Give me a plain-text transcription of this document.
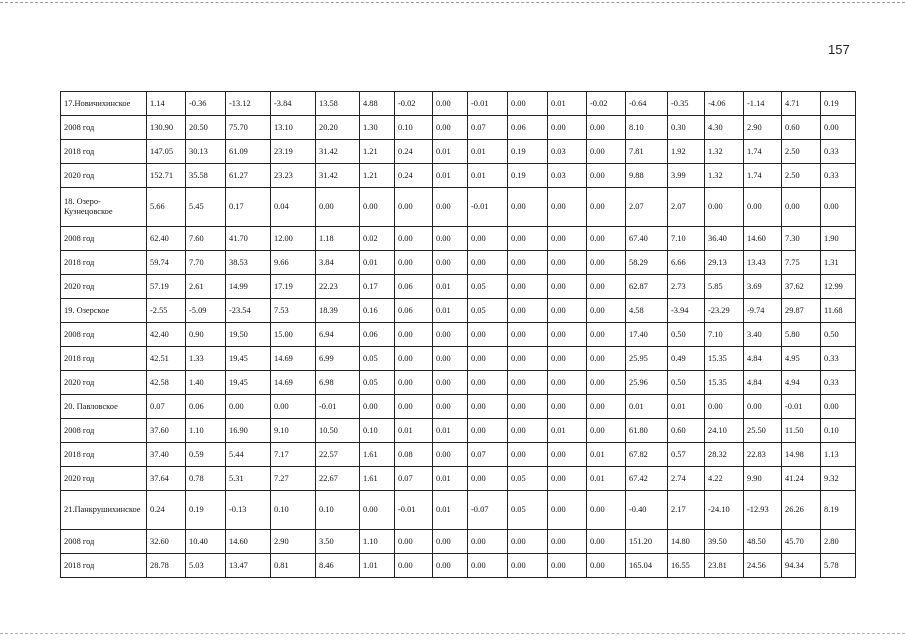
157
17.Новичихинское	1.14	-0.36	-13.12	-3.84	13.58	4.88	-0.02	0.00	-0.01	0.00	0.01	-0.02	-0.64	-0.35	-4.06	-1.14	4.71	0.19
2008 год	130.90	20.50	75.70	13.10	20.20	1.30	0.10	0.00	0.07	0.06	0.00	0.00	8.10	0.30	4.30	2.90	0.60	0.00
2018 год	147.05	30.13	61.09	23.19	31.42	1.21	0.24	0.01	0.01	0.19	0.03	0.00	7.81	1.92	1.32	1.74	2.50	0.33
2020 год	152.71	35.58	61.27	23.23	31.42	1.21	0.24	0.01	0.01	0.19	0.03	0.00	9.88	3.99	1.32	1.74	2.50	0.33
18. Озеро-Кузнецовское	5.66	5.45	0.17	0.04	0.00	0.00	0.00	0.00	-0.01	0.00	0.00	0.00	2.07	2.07	0.00	0.00	0.00	0.00
2008 год	62.40	7.60	41.70	12.00	1.18	0.02	0.00	0.00	0.00	0.00	0.00	0.00	67.40	7.10	36.40	14.60	7.30	1.90
2018 год	59.74	7.70	38.53	9.66	3.84	0.01	0.00	0.00	0.00	0.00	0.00	0.00	58.29	6.66	29.13	13.43	7.75	1.31
2020 год	57.19	2.61	14.99	17.19	22.23	0.17	0.06	0.01	0.05	0.00	0.00	0.00	62.87	2.73	5.85	3.69	37.62	12.99
19. Озерское	-2.55	-5.09	-23.54	7.53	18.39	0.16	0.06	0.01	0.05	0.00	0.00	0.00	4.58	-3.94	-23.29	-9.74	29.87	11.68
2008 год	42.40	0.90	19.50	15.00	6.94	0.06	0.00	0.00	0.00	0.00	0.00	0.00	17.40	0.50	7.10	3.40	5.80	0.50
2018 год	42.51	1.33	19.45	14.69	6.99	0.05	0.00	0.00	0.00	0.00	0.00	0.00	25.95	0.49	15.35	4.84	4.95	0.33
2020 год	42.58	1.40	19.45	14.69	6.98	0.05	0.00	0.00	0.00	0.00	0.00	0.00	25.96	0.50	15.35	4.84	4.94	0.33
20. Павловское	0.07	0.06	0.00	0.00	-0.01	0.00	0.00	0.00	0.00	0.00	0.00	0.00	0.01	0.01	0.00	0.00	-0.01	0.00
2008 год	37.60	1.10	16.90	9.10	10.50	0.10	0.01	0.01	0.00	0.00	0.01	0.00	61.80	0.60	24.10	25.50	11.50	0.10
2018 год	37.40	0.59	5.44	7.17	22.57	1.61	0.08	0.00	0.07	0.00	0.00	0.01	67.82	0.57	28.32	22.83	14.98	1.13
2020 год	37.64	0.78	5.31	7.27	22.67	1.61	0.07	0.01	0.00	0.05	0.00	0.01	67.42	2.74	4.22	9.90	41.24	9.32
21.Панкрушихинское	0.24	0.19	-0.13	0.10	0.10	0.00	-0.01	0.01	-0.07	0.05	0.00	0.00	-0.40	2.17	-24.10	-12.93	26.26	8.19
2008 год	32.60	10.40	14.60	2.90	3.50	1.10	0.00	0.00	0.00	0.00	0.00	0.00	151.20	14.80	39.50	48.50	45.70	2.80
2018 год	28.78	5.03	13.47	0.81	8.46	1.01	0.00	0.00	0.00	0.00	0.00	0.00	165.04	16.55	23.81	24.56	94.34	5.78
